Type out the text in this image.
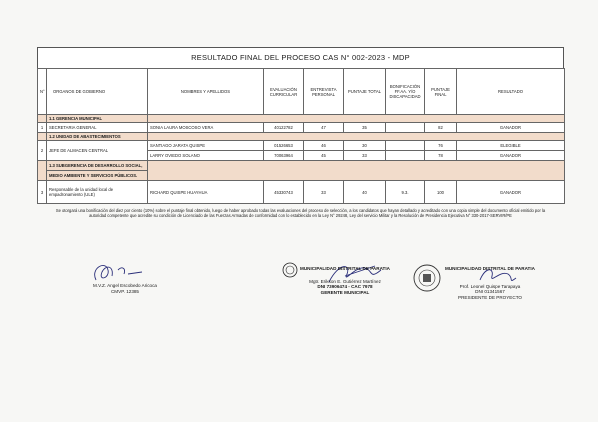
RESULTADO FINAL DEL PROCESO CAS N° 002-2023 - MDP
N°	ORGANOS DE GOBIERNO	NOMBRES Y APELLIDOS	EVALUACIÓN CURRICULAR	ENTREVISTA PERSONAL	PUNTAJE TOTAL	BONIFICACIÓN FF.AA. Y/O DISCAPACIDAD	PUNTAJE FINAL	RESULTADO
	1.1 GERENCIA MUNICIPAL							
1	SECRETARIA GENERAL	SONIA LAURA MOSCOSO VERA	40122782	47	35		82	GANADOR
	1.2 UNIDAD DE ABASTECIMIENTOS							
2	JEFE DE ALMACEN CENTRAL	SANTIAGO JARATA QUISPE	01526653	46	30		76	ELEGIBLE
		LARRY OVIEDO SOLANO	70063964	45	33		78	GANADOR

1.3 SUBGERENCIA DE DESARROLLO SOCIAL,
MEDIO AMBIENTE Y SERVICIOS PÚBLICOS.							

3	Responsable de la unidad local de empadronamiento (ULE)	RICHARD QUISPE HUAYHUA	45330743	33	40	9.3.	100	GANADOR
Se otorgará una bonificación del diez por ciento (10%) sobre el puntaje final obtenido, luego de haber aprobado todas las evaluaciones del proceso de selección, a los candidatos que hayan detallado y acreditado con una copia simple del documento oficial emitido por la autoridad competente que acredite su condición de Licenciado de las Fuerzas Armadas de conformidad con lo establecido en la Ley N° 29248, Ley del servicio Militar y la Resolución de Presidencia Ejecutiva N° 330-2017-SERVIR/PE
M.V.Z. Angel Escobedo Aricoca
CMVP. 12385
MUNICIPALIDAD DISTRITAL DE PARATIA
Mgtr. Erikson E. Gutiérrez Martínez
DNI 73906474 - CAC 7978
GERENTE MUNICIPAL
MUNICIPALIDAD DISTRITAL DE PARATIA
Prof. Leonel Quispe Tarapaya
DNI 01341567
PRESIDENTE DE PROYECTO
